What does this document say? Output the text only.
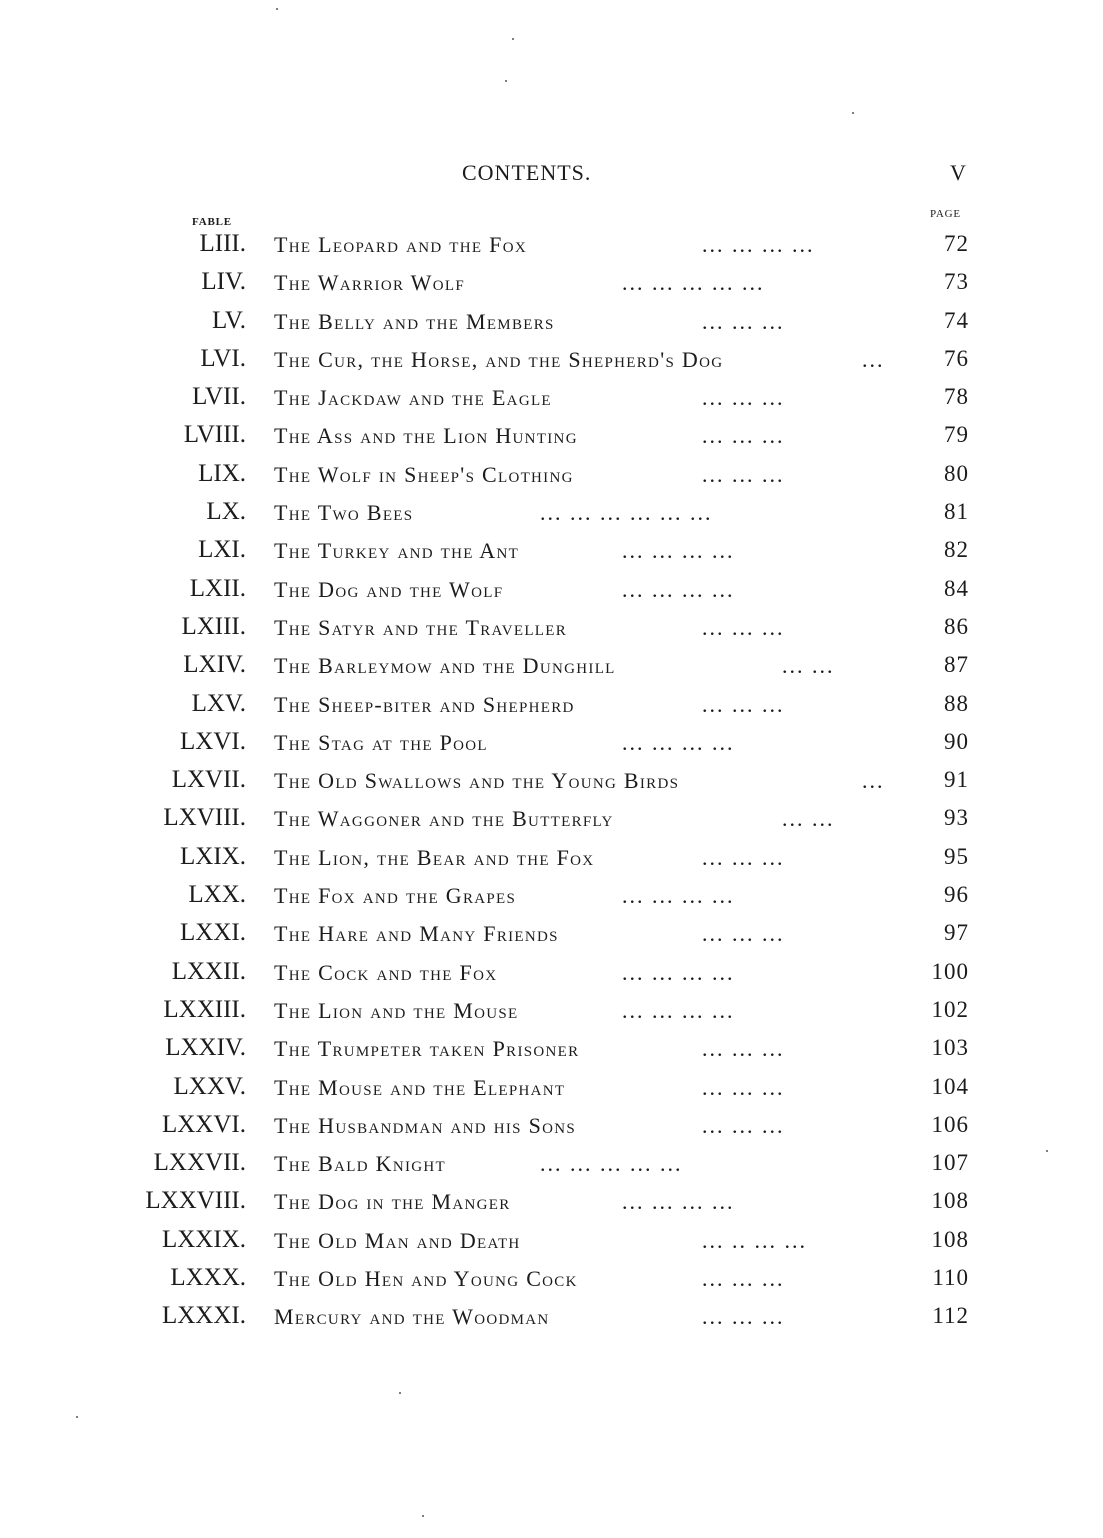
CONTENTS.	V
FABLE
PAGE
LIII. The Leopard and the Fox	... ... ... ...	72
LIV. The Warrior Wolf	... ... ... ... ...	73
LV. The Belly and the Members	... ... ...	74
LVI. The Cur, the Horse, and the Shepherd's Dog	...	76
LVII. The Jackdaw and the Eagle	... ... ...	78
LVIII. The Ass and the Lion Hunting	... ... ...	79
LIX. The Wolf in Sheep's Clothing	... ... ...	80
LX. The Two Bees	... ... ... ... ... ...	81
LXI. The Turkey and the Ant	... ... ... ...	82
LXII. The Dog and the Wolf	... ... ... ...	84
LXIII. The Satyr and the Traveller	... ... ...	86
LXIV. The Barleymow and the Dunghill	... ...	87
LXV. The Sheep-biter and Shepherd	... ... ...	88
LXVI. The Stag at the Pool	... ... ... ...	90
LXVII. The Old Swallows and the Young Birds	...	91
LXVIII. The Waggoner and the Butterfly	... ...	93
LXIX. The Lion, the Bear and the Fox	... ... ...	95
LXX. The Fox and the Grapes	... ... ... ...	96
LXXI. The Hare and Many Friends	... ... ...	97
LXXII. The Cock and the Fox	... ... ... ...	100
LXXIII. The Lion and the Mouse	... ... ... ...	102
LXXIV. The Trumpeter taken Prisoner	... ... ...	103
LXXV. The Mouse and the Elephant	... ... ...	104
LXXVI. The Husbandman and his Sons	... ... ...	106
LXXVII. The Bald Knight	... ... ... ... ...	107
LXXVIII. The Dog in the Manger	... ... ... ...	108
LXXIX. The Old Man and Death	... .. ... ...	108
LXXX. The Old Hen and Young Cock	... ... ...	110
LXXXI. Mercury and the Woodman	... ... ...	112
